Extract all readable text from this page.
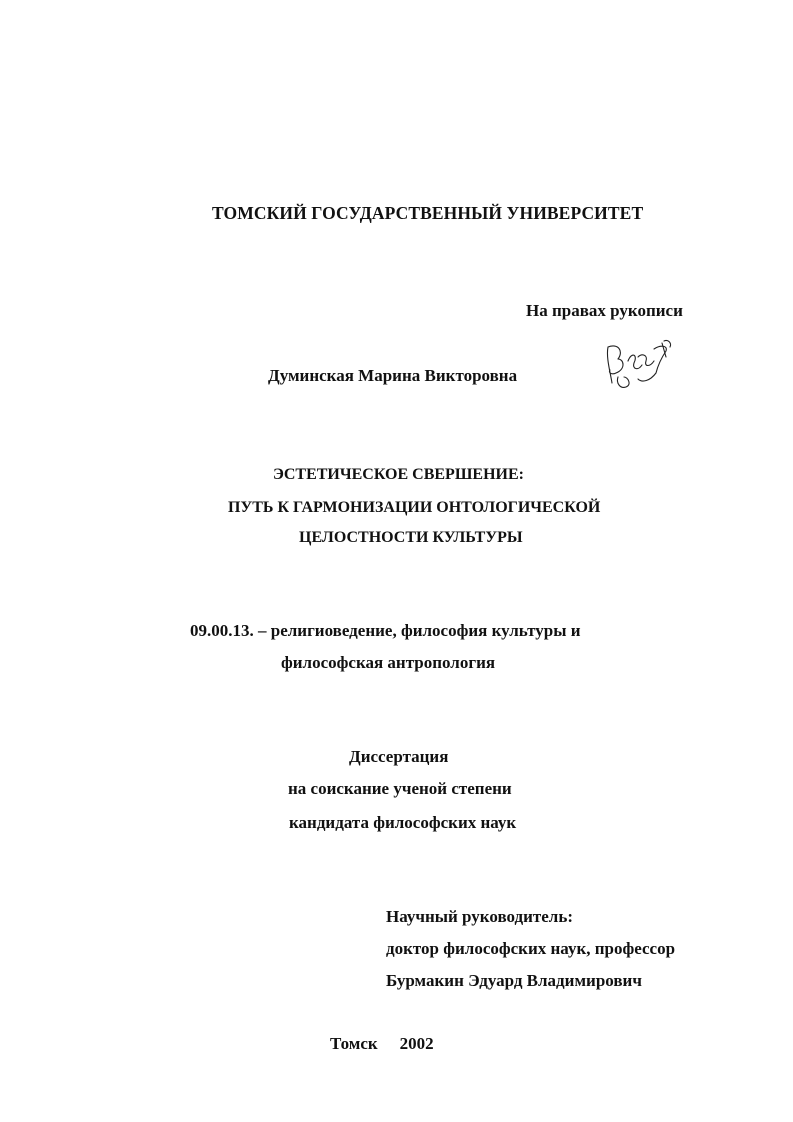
ТОМСКИЙ ГОСУДАРСТВЕННЫЙ УНИВЕРСИТЕТ

На правах рукописи

Думинская Марина Викторовна

ЭСТЕТИЧЕСКОЕ СВЕРШЕНИЕ:

ПУТЬ К ГАРМОНИЗАЦИИ ОНТОЛОГИЧЕСКОЙ

ЦЕЛОСТНОСТИ КУЛЬТУРЫ

09.00.13. – религиоведение, философия культуры и

философская антропология

Диссертация

на соискание ученой степени

кандидата философских наук

Научный руководитель:

доктор философских наук, профессор

Бурмакин Эдуард Владимирович

Томск 2002
